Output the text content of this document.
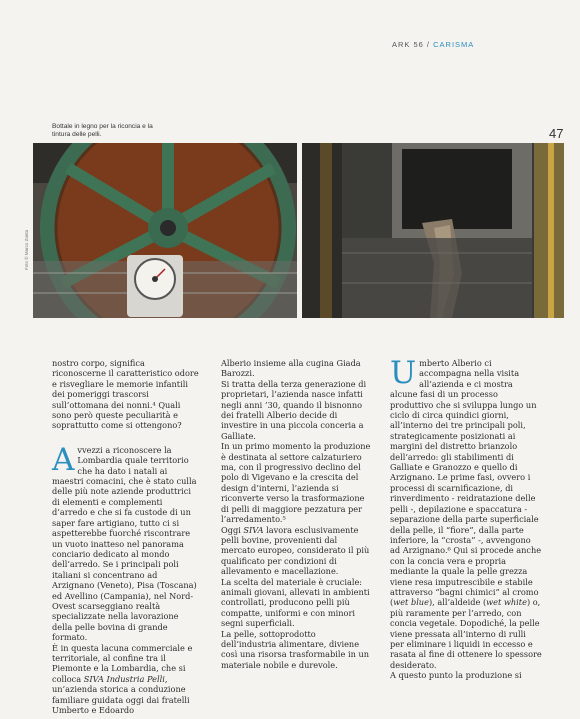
ARK 56 / CARISMA
47
Bottale in legno per la riconcia e la tintura delle pelli.
Foto © Marco Zanta

nostro corpo, significa riconoscerne il caratteristico odore e risvegliare le memorie infantili dei pomeriggi trascorsi sull’ottomana dei nonni.⁴ Quali sono però queste peculiarità e soprattutto come si ottengono?

Avvezzi a riconoscere la Lombardia quale territorio che ha dato i natali ai maestri comacini, che è stato culla delle più note aziende produttrici di elementi e complementi d’arredo e che si fa custode di un saper fare artigiano, tutto ci si aspetterebbe fuorché riscontrare un vuoto inatteso nel panorama conciario dedicato al mondo dell’arredo. Se i principali poli italiani si concentrano ad Arzignano (Veneto), Pisa (Toscana) ed Avellino (Campania), nel Nord-Ovest scarseggiano realtà specializzate nella lavorazione della pelle bovina di grande formato.

È in questa lacuna commerciale e territoriale, al confine tra il Piemonte e la Lombardia, che si colloca SIVA Industria Pelli, un’azienda storica a conduzione familiare guidata oggi dai fratelli Umberto e Edoardo

Alberio insieme alla cugina Giada Barozzi.

Si tratta della terza generazione di proprietari, l’azienda nasce infatti negli anni ’30, quando il bisnonno dei fratelli Alberio decide di investire in una piccola conceria a Galliate.

In un primo momento la produzione è destinata al settore calzaturiero ma, con il progressivo declino del polo di Vigevano e la crescita del design d’interni, l’azienda si riconverte verso la trasformazione di pelli di maggiore pezzatura per l’arredamento.⁵

Oggi SIVA lavora esclusivamente pelli bovine, provenienti dal mercato europeo, considerato il più qualificato per condizioni di allevamento e macellazione.

La scelta del materiale è cruciale: animali giovani, allevati in ambienti controllati, producono pelli più compatte, uniformi e con minori segni superficiali.

La pelle, sottoprodotto dell’industria alimentare, diviene così una risorsa trasformabile in un materiale nobile e durevole.

Umberto Alberio ci accompagna nella visita all’azienda e ci mostra alcune fasi di un processo produttivo che si sviluppa lungo un ciclo di circa quindici giorni, all’interno dei tre principali poli, strategicamente posizionati ai margini del distretto brianzolo dell’arredo: gli stabilimenti di Galliate e Granozzo e quello di Arzignano. Le prime fasi, ovvero i processi di scarnificazione, di rinverdimento - reidratazione delle pelli -, depilazione e spaccatura - separazione della parte superficiale della pelle, il “fiore”, dalla parte inferiore, la “crosta” -, avvengono ad Arzignano.⁶ Qui si procede anche con la concia vera e propria mediante la quale la pelle grezza viene resa imputrescibile e stabile attraverso “bagni chimici” al cromo (wet blue), all’aldeide (wet white) o, più raramente per l’arredo, con concia vegetale. Dopodiché, la pelle viene pressata all’interno di rulli per eliminare i liquidi in eccesso e rasata al fine di ottenere lo spessore desiderato.

A questo punto la produzione si
